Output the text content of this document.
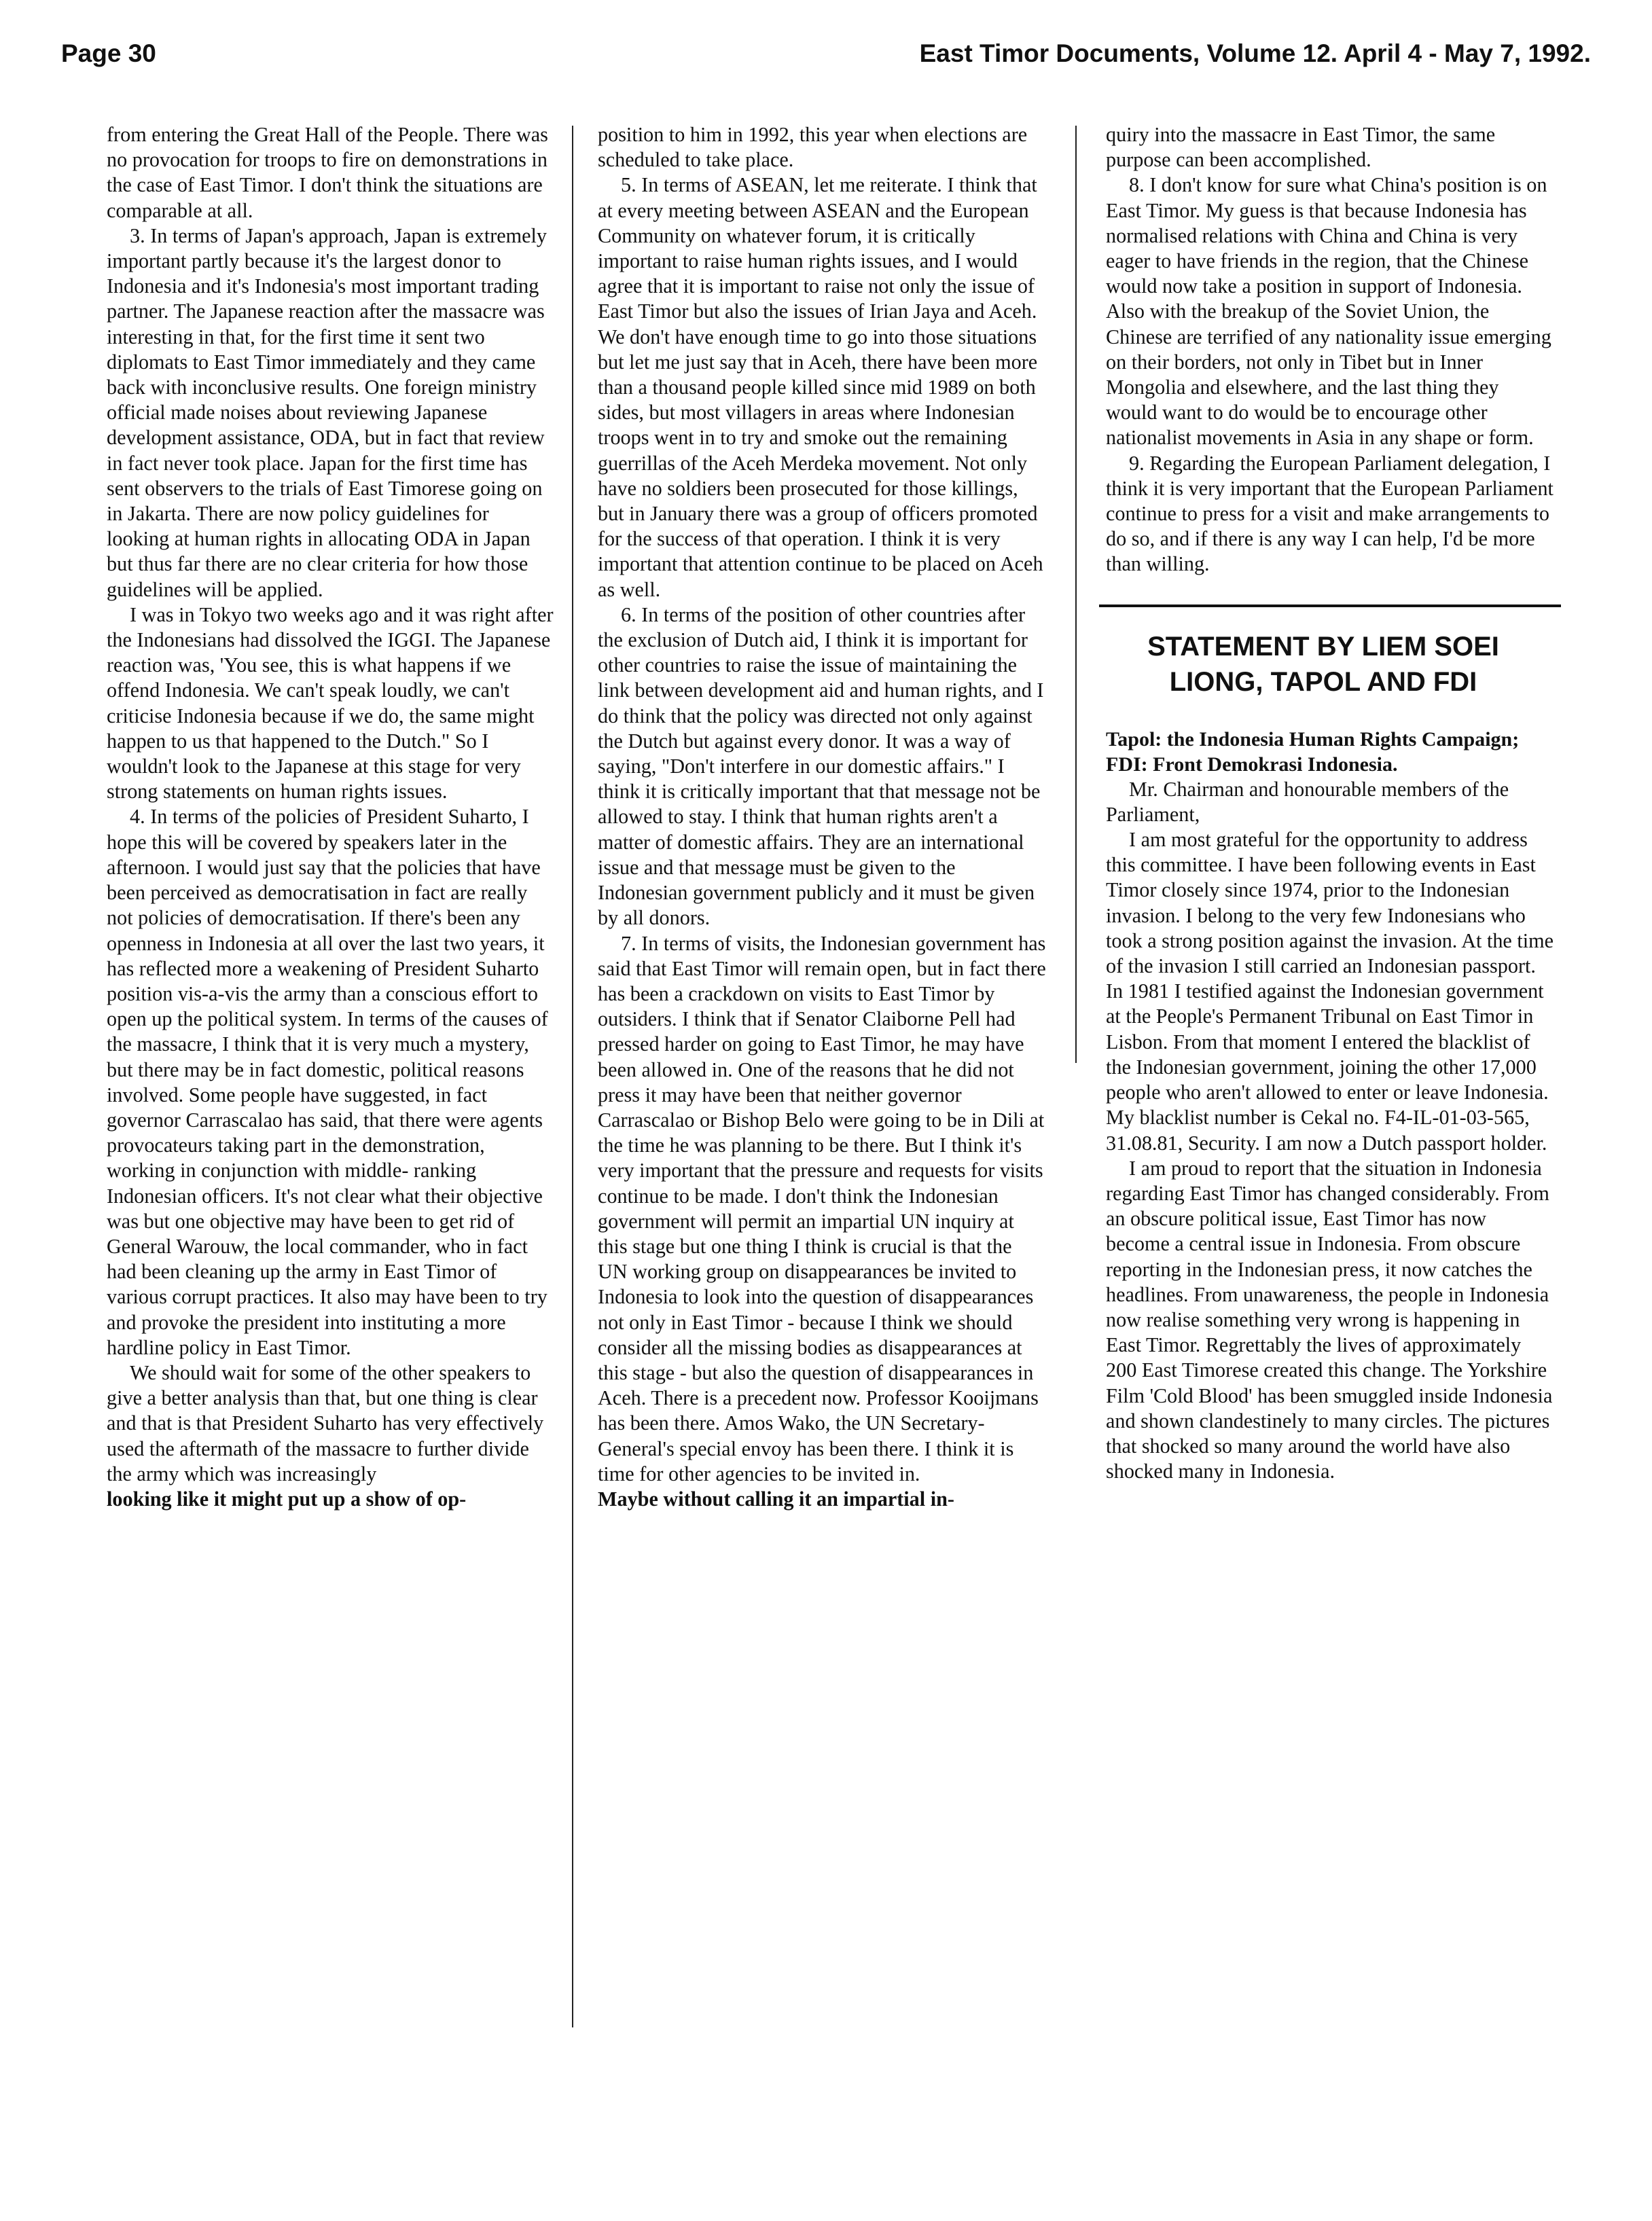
Page 30	East Timor Documents, Volume 12. April 4 - May 7, 1992.

from entering the Great Hall of the People. There was no provocation for troops to fire on demonstrations in the case of East Timor. I don't think the situations are comparable at all.

3. In terms of Japan's approach, Japan is extremely important partly because it's the largest donor to Indonesia and it's Indonesia's most important trading partner. The Japanese reaction after the massacre was interesting in that, for the first time it sent two diplomats to East Timor immediately and they came back with inconclusive results. One foreign ministry official made noises about reviewing Japanese development assistance, ODA, but in fact that review in fact never took place. Japan for the first time has sent observers to the trials of East Timorese going on in Jakarta. There are now policy guidelines for looking at human rights in allocating ODA in Japan but thus far there are no clear criteria for how those guidelines will be applied.

I was in Tokyo two weeks ago and it was right after the Indonesians had dissolved the IGGI. The Japanese reaction was, 'You see, this is what happens if we offend Indonesia. We can't speak loudly, we can't criticise Indonesia because if we do, the same might happen to us that happened to the Dutch." So I wouldn't look to the Japanese at this stage for very strong statements on human rights issues.

4. In terms of the policies of President Suharto, I hope this will be covered by speakers later in the afternoon. I would just say that the policies that have been perceived as democratisation in fact are really not policies of democratisation. If there's been any openness in Indonesia at all over the last two years, it has reflected more a weakening of President Suharto position vis-a-vis the army than a conscious effort to open up the political system. In terms of the causes of the massacre, I think that it is very much a mystery, but there may be in fact domestic, political reasons involved. Some people have suggested, in fact governor Carrascalao has said, that there were agents provocateurs taking part in the demonstration, working in conjunction with middle- ranking Indonesian officers. It's not clear what their objective was but one objective may have been to get rid of General Warouw, the local commander, who in fact had been cleaning up the army in East Timor of various corrupt practices. It also may have been to try and provoke the president into instituting a more hardline policy in East Timor.

We should wait for some of the other speakers to give a better analysis than that, but one thing is clear and that is that President Suharto has very effectively used the aftermath of the massacre to further divide the army which was increasingly

looking like it might put up a show of op-

position to him in 1992, this year when elections are scheduled to take place.

5. In terms of ASEAN, let me reiterate. I think that at every meeting between ASEAN and the European Community on whatever forum, it is critically important to raise human rights issues, and I would agree that it is important to raise not only the issue of East Timor but also the issues of Irian Jaya and Aceh. We don't have enough time to go into those situations but let me just say that in Aceh, there have been more than a thousand people killed since mid 1989 on both sides, but most villagers in areas where Indonesian troops went in to try and smoke out the remaining guerrillas of the Aceh Merdeka movement. Not only have no soldiers been prosecuted for those killings, but in January there was a group of officers promoted for the success of that operation. I think it is very important that attention continue to be placed on Aceh as well.

6. In terms of the position of other countries after the exclusion of Dutch aid, I think it is important for other countries to raise the issue of maintaining the link between development aid and human rights, and I do think that the policy was directed not only against the Dutch but against every donor. It was a way of saying, "Don't interfere in our domestic affairs." I think it is critically important that that message not be allowed to stay. I think that human rights aren't a matter of domestic affairs. They are an international issue and that message must be given to the Indonesian government publicly and it must be given by all donors.

7. In terms of visits, the Indonesian government has said that East Timor will remain open, but in fact there has been a crackdown on visits to East Timor by outsiders. I think that if Senator Claiborne Pell had pressed harder on going to East Timor, he may have been allowed in. One of the reasons that he did not press it may have been that neither governor Carrascalao or Bishop Belo were going to be in Dili at the time he was planning to be there. But I think it's very important that the pressure and requests for visits continue to be made. I don't think the Indonesian government will permit an impartial UN inquiry at this stage but one thing I think is crucial is that the UN working group on disappearances be invited to Indonesia to look into the question of disappearances not only in East Timor - because I think we should consider all the missing bodies as disappearances at this stage - but also the question of disappearances in Aceh. There is a precedent now. Professor Kooijmans has been there. Amos Wako, the UN Secretary- General's special envoy has been there. I think it is time for other agencies to be invited in.

Maybe without calling it an impartial in-

quiry into the massacre in East Timor, the same purpose can been accomplished.

8. I don't know for sure what China's position is on East Timor. My guess is that because Indonesia has normalised relations with China and China is very eager to have friends in the region, that the Chinese would now take a position in support of Indonesia. Also with the breakup of the Soviet Union, the Chinese are terrified of any nationality issue emerging on their borders, not only in Tibet but in Inner Mongolia and elsewhere, and the last thing they would want to do would be to encourage other nationalist movements in Asia in any shape or form.

9. Regarding the European Parliament delegation, I think it is very important that the European Parliament continue to press for a visit and make arrangements to do so, and if there is any way I can help, I'd be more than willing.

STATEMENT BY LIEM SOEI LIONG, TAPOL AND FDI

Tapol: the Indonesia Human Rights Campaign; FDI: Front Demokrasi Indonesia.

Mr. Chairman and honourable members of the Parliament,

I am most grateful for the opportunity to address this committee. I have been following events in East Timor closely since 1974, prior to the Indonesian invasion. I belong to the very few Indonesians who took a strong position against the invasion. At the time of the invasion I still carried an Indonesian passport. In 1981 I testified against the Indonesian government at the People's Permanent Tribunal on East Timor in Lisbon. From that moment I entered the blacklist of the Indonesian government, joining the other 17,000 people who aren't allowed to enter or leave Indonesia. My blacklist number is Cekal no. F4-IL-01-03-565, 31.08.81, Security. I am now a Dutch passport holder.

I am proud to report that the situation in Indonesia regarding East Timor has changed considerably. From an obscure political issue, East Timor has now become a central issue in Indonesia. From obscure reporting in the Indonesian press, it now catches the headlines. From unawareness, the people in Indonesia now realise something very wrong is happening in East Timor. Regrettably the lives of approximately 200 East Timorese created this change. The Yorkshire Film 'Cold Blood' has been smuggled inside Indonesia and shown clandestinely to many circles. The pictures that shocked so many around the world have also shocked many in Indonesia.
